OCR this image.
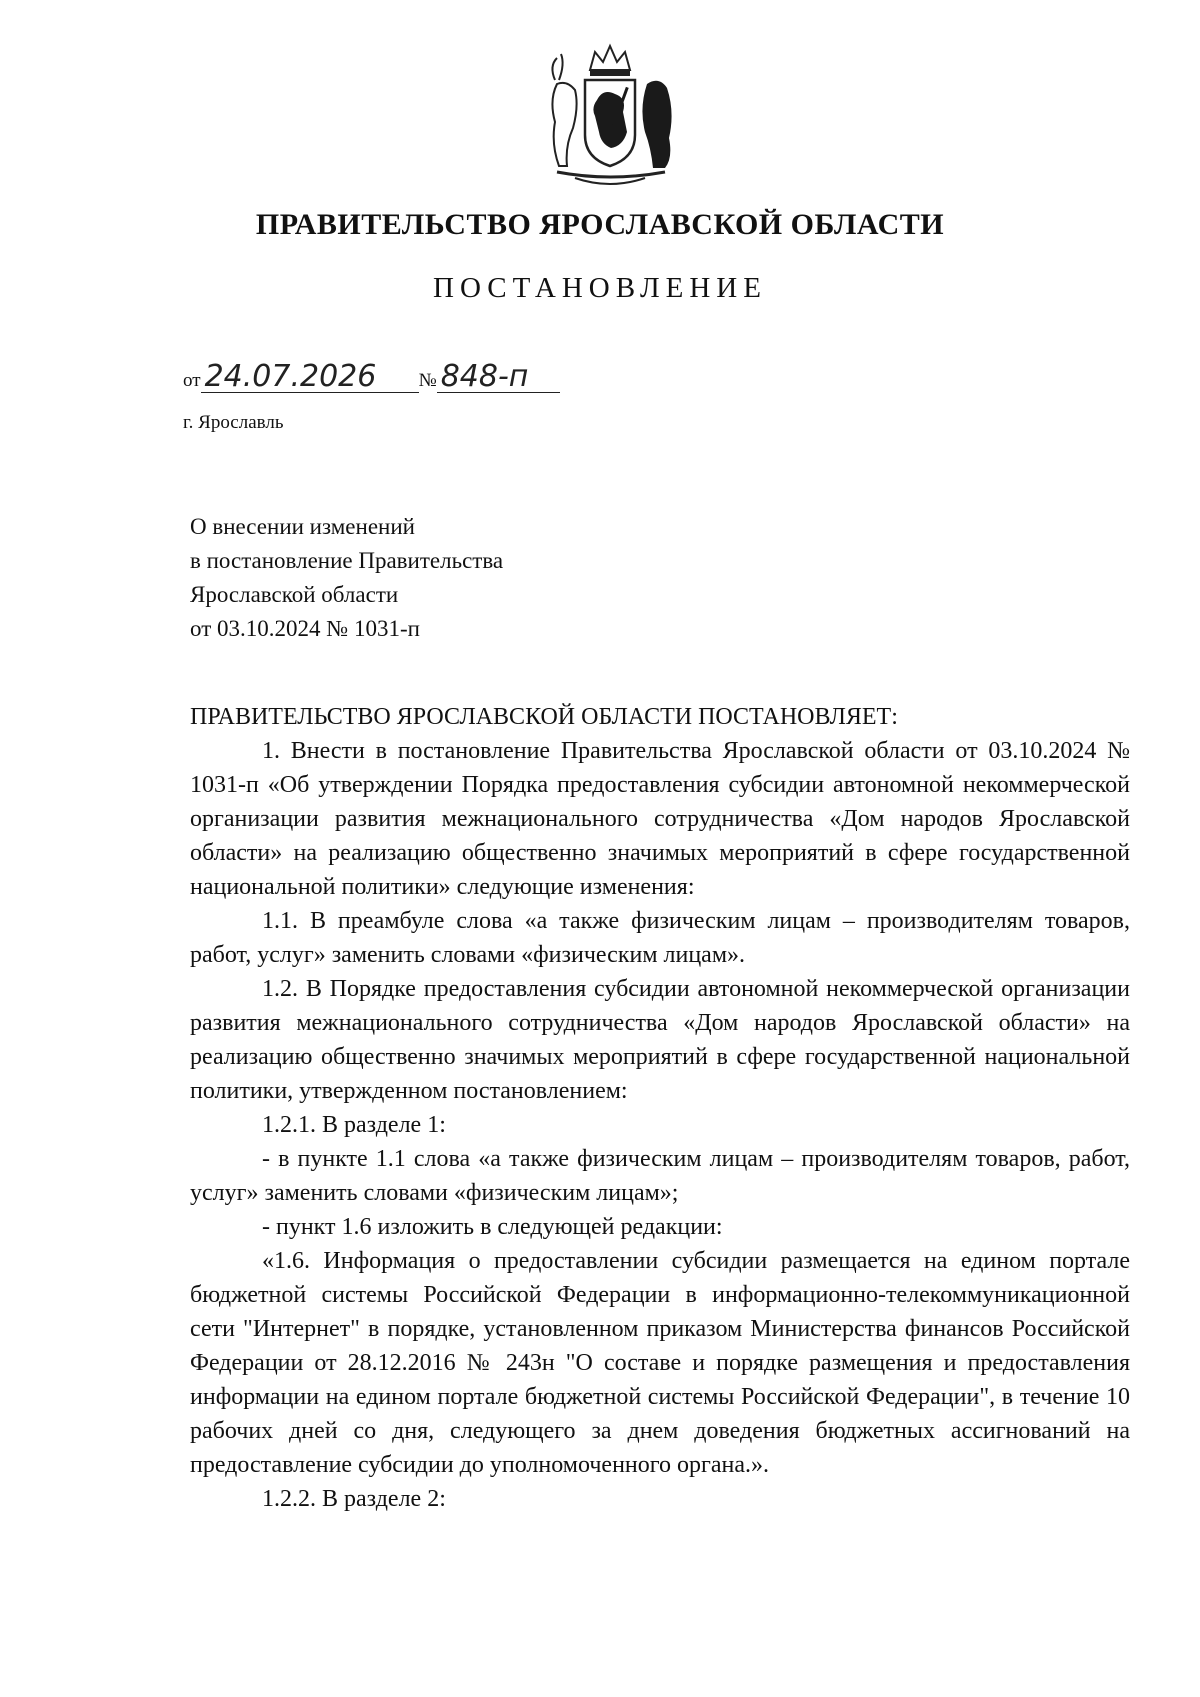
ПРАВИТЕЛЬСТВО ЯРОСЛАВСКОЙ ОБЛАСТИ
ПОСТАНОВЛЕНИЕ
от 24.07.2026 № 848-п
г. Ярославль
О внесении изменений
в постановление Правительства
Ярославской области
от 03.10.2024 № 1031-п

ПРАВИТЕЛЬСТВО ЯРОСЛАВСКОЙ ОБЛАСТИ ПОСТАНОВЛЯЕТ:

1. Внести в постановление Правительства Ярославской области от 03.10.2024 № 1031-п «Об утверждении Порядка предоставления субсидии автономной некоммерческой организации развития межнационального сотрудничества «Дом народов Ярославской области» на реализацию общественно значимых мероприятий в сфере государственной национальной политики» следующие изменения:

1.1. В преамбуле слова «а также физическим лицам – производителям товаров, работ, услуг» заменить словами «физическим лицам».

1.2. В Порядке предоставления субсидии автономной некоммерческой организации развития межнационального сотрудничества «Дом народов Ярославской области» на реализацию общественно значимых мероприятий в сфере государственной национальной политики, утвержденном постановлением:

1.2.1. В разделе 1:

- в пункте 1.1 слова «а также физическим лицам – производителям товаров, работ, услуг» заменить словами «физическим лицам»;

- пункт 1.6 изложить в следующей редакции:

«1.6. Информация о предоставлении субсидии размещается на едином портале бюджетной системы Российской Федерации в информационно-телекоммуникационной сети "Интернет" в порядке, установленном приказом Министерства финансов Российской Федерации от 28.12.2016 № 243н "О составе и порядке размещения и предоставления информации на едином портале бюджетной системы Российской Федерации", в течение 10 рабочих дней со дня, следующего за днем доведения бюджетных ассигнований на предоставление субсидии до уполномоченного органа.».

1.2.2. В разделе 2:
